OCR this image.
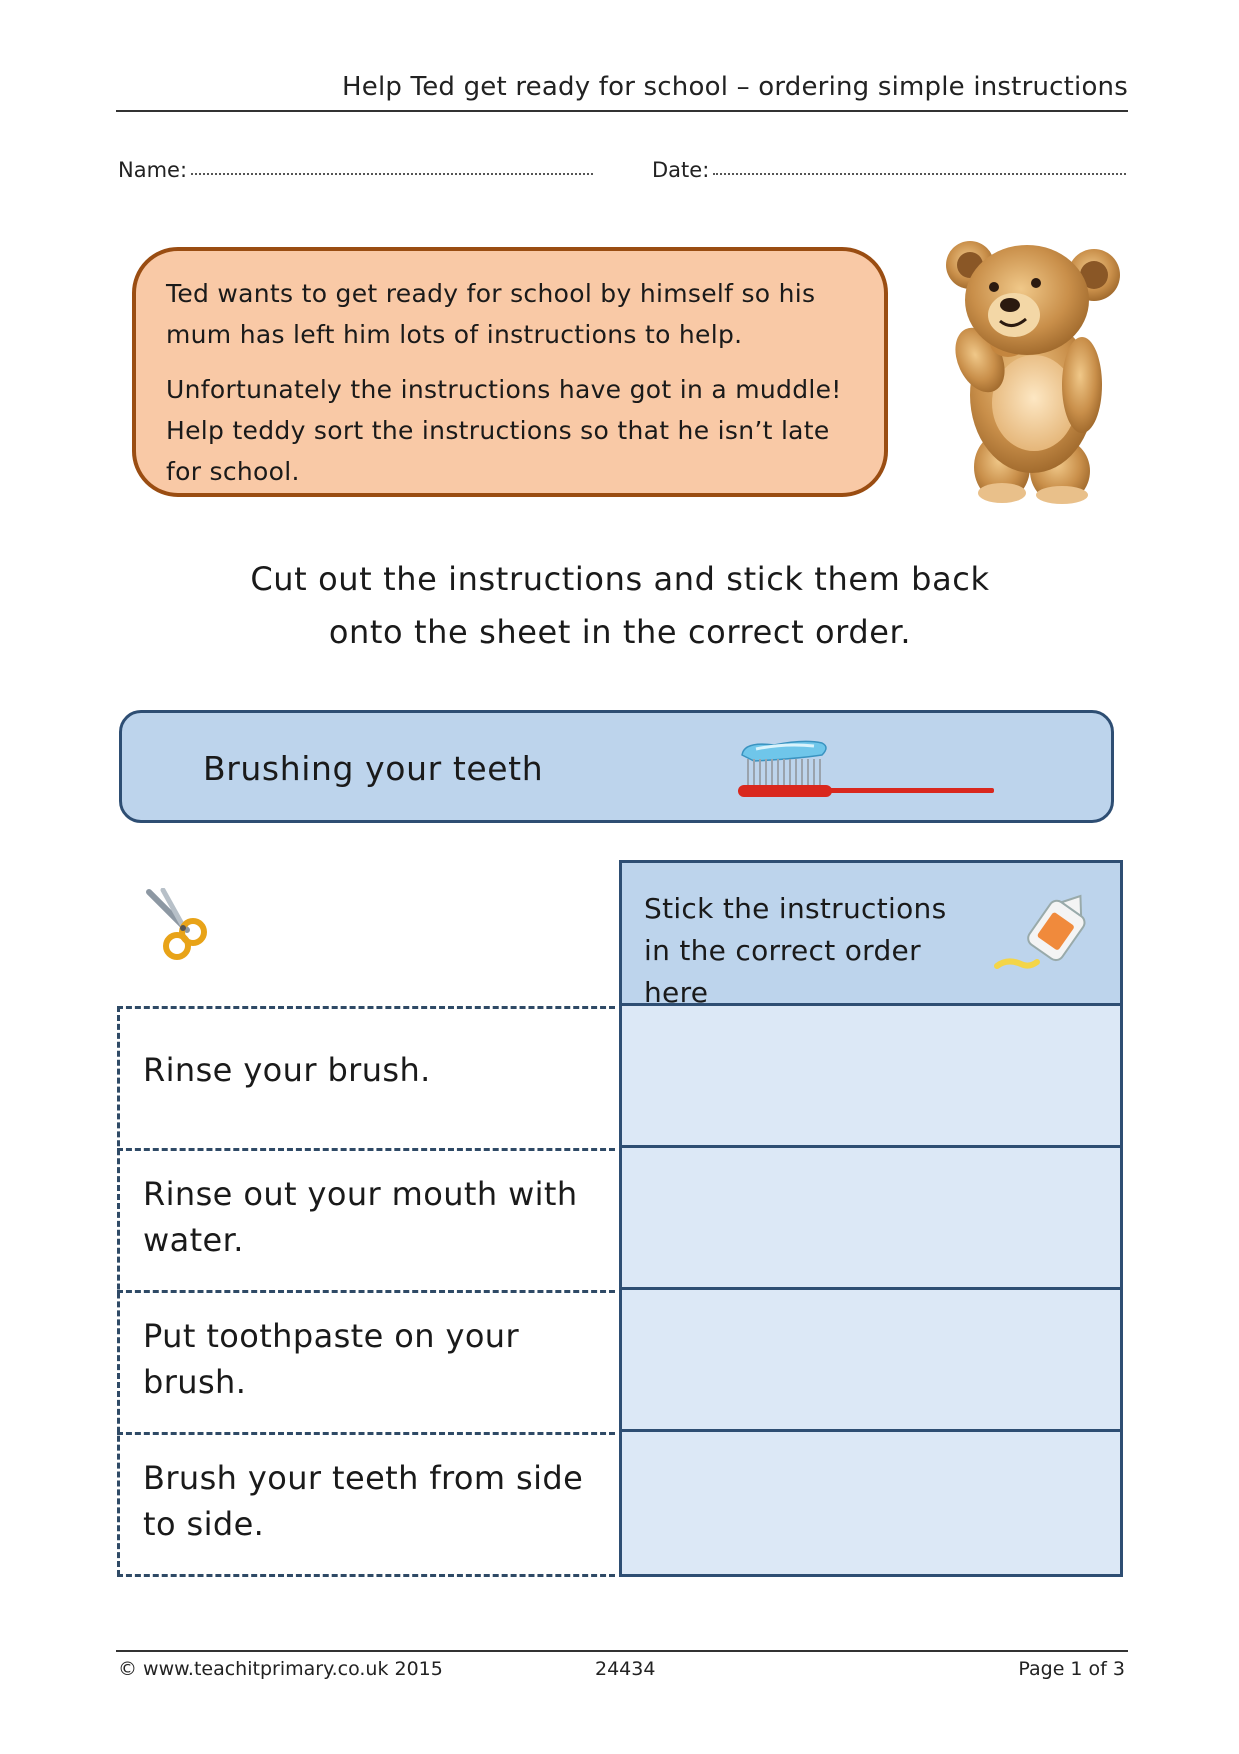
Help Ted get ready for school – ordering simple instructions
Name:	Date:

Ted wants to get ready for school by himself so his mum has left him lots of instructions to help.

Unfortunately the instructions have got in a muddle! Help teddy sort the instructions so that he isn’t late for school.

Cut out the instructions and stick them back
onto the sheet in the correct order.
Brushing your teeth
Rinse your brush.
Rinse out your mouth with water.
Put toothpaste on your brush.
Brush your teeth from side to side.
Stick the instructions in the correct order here
© www.teachitprimary.co.uk 2015	24434	Page 1 of 3
